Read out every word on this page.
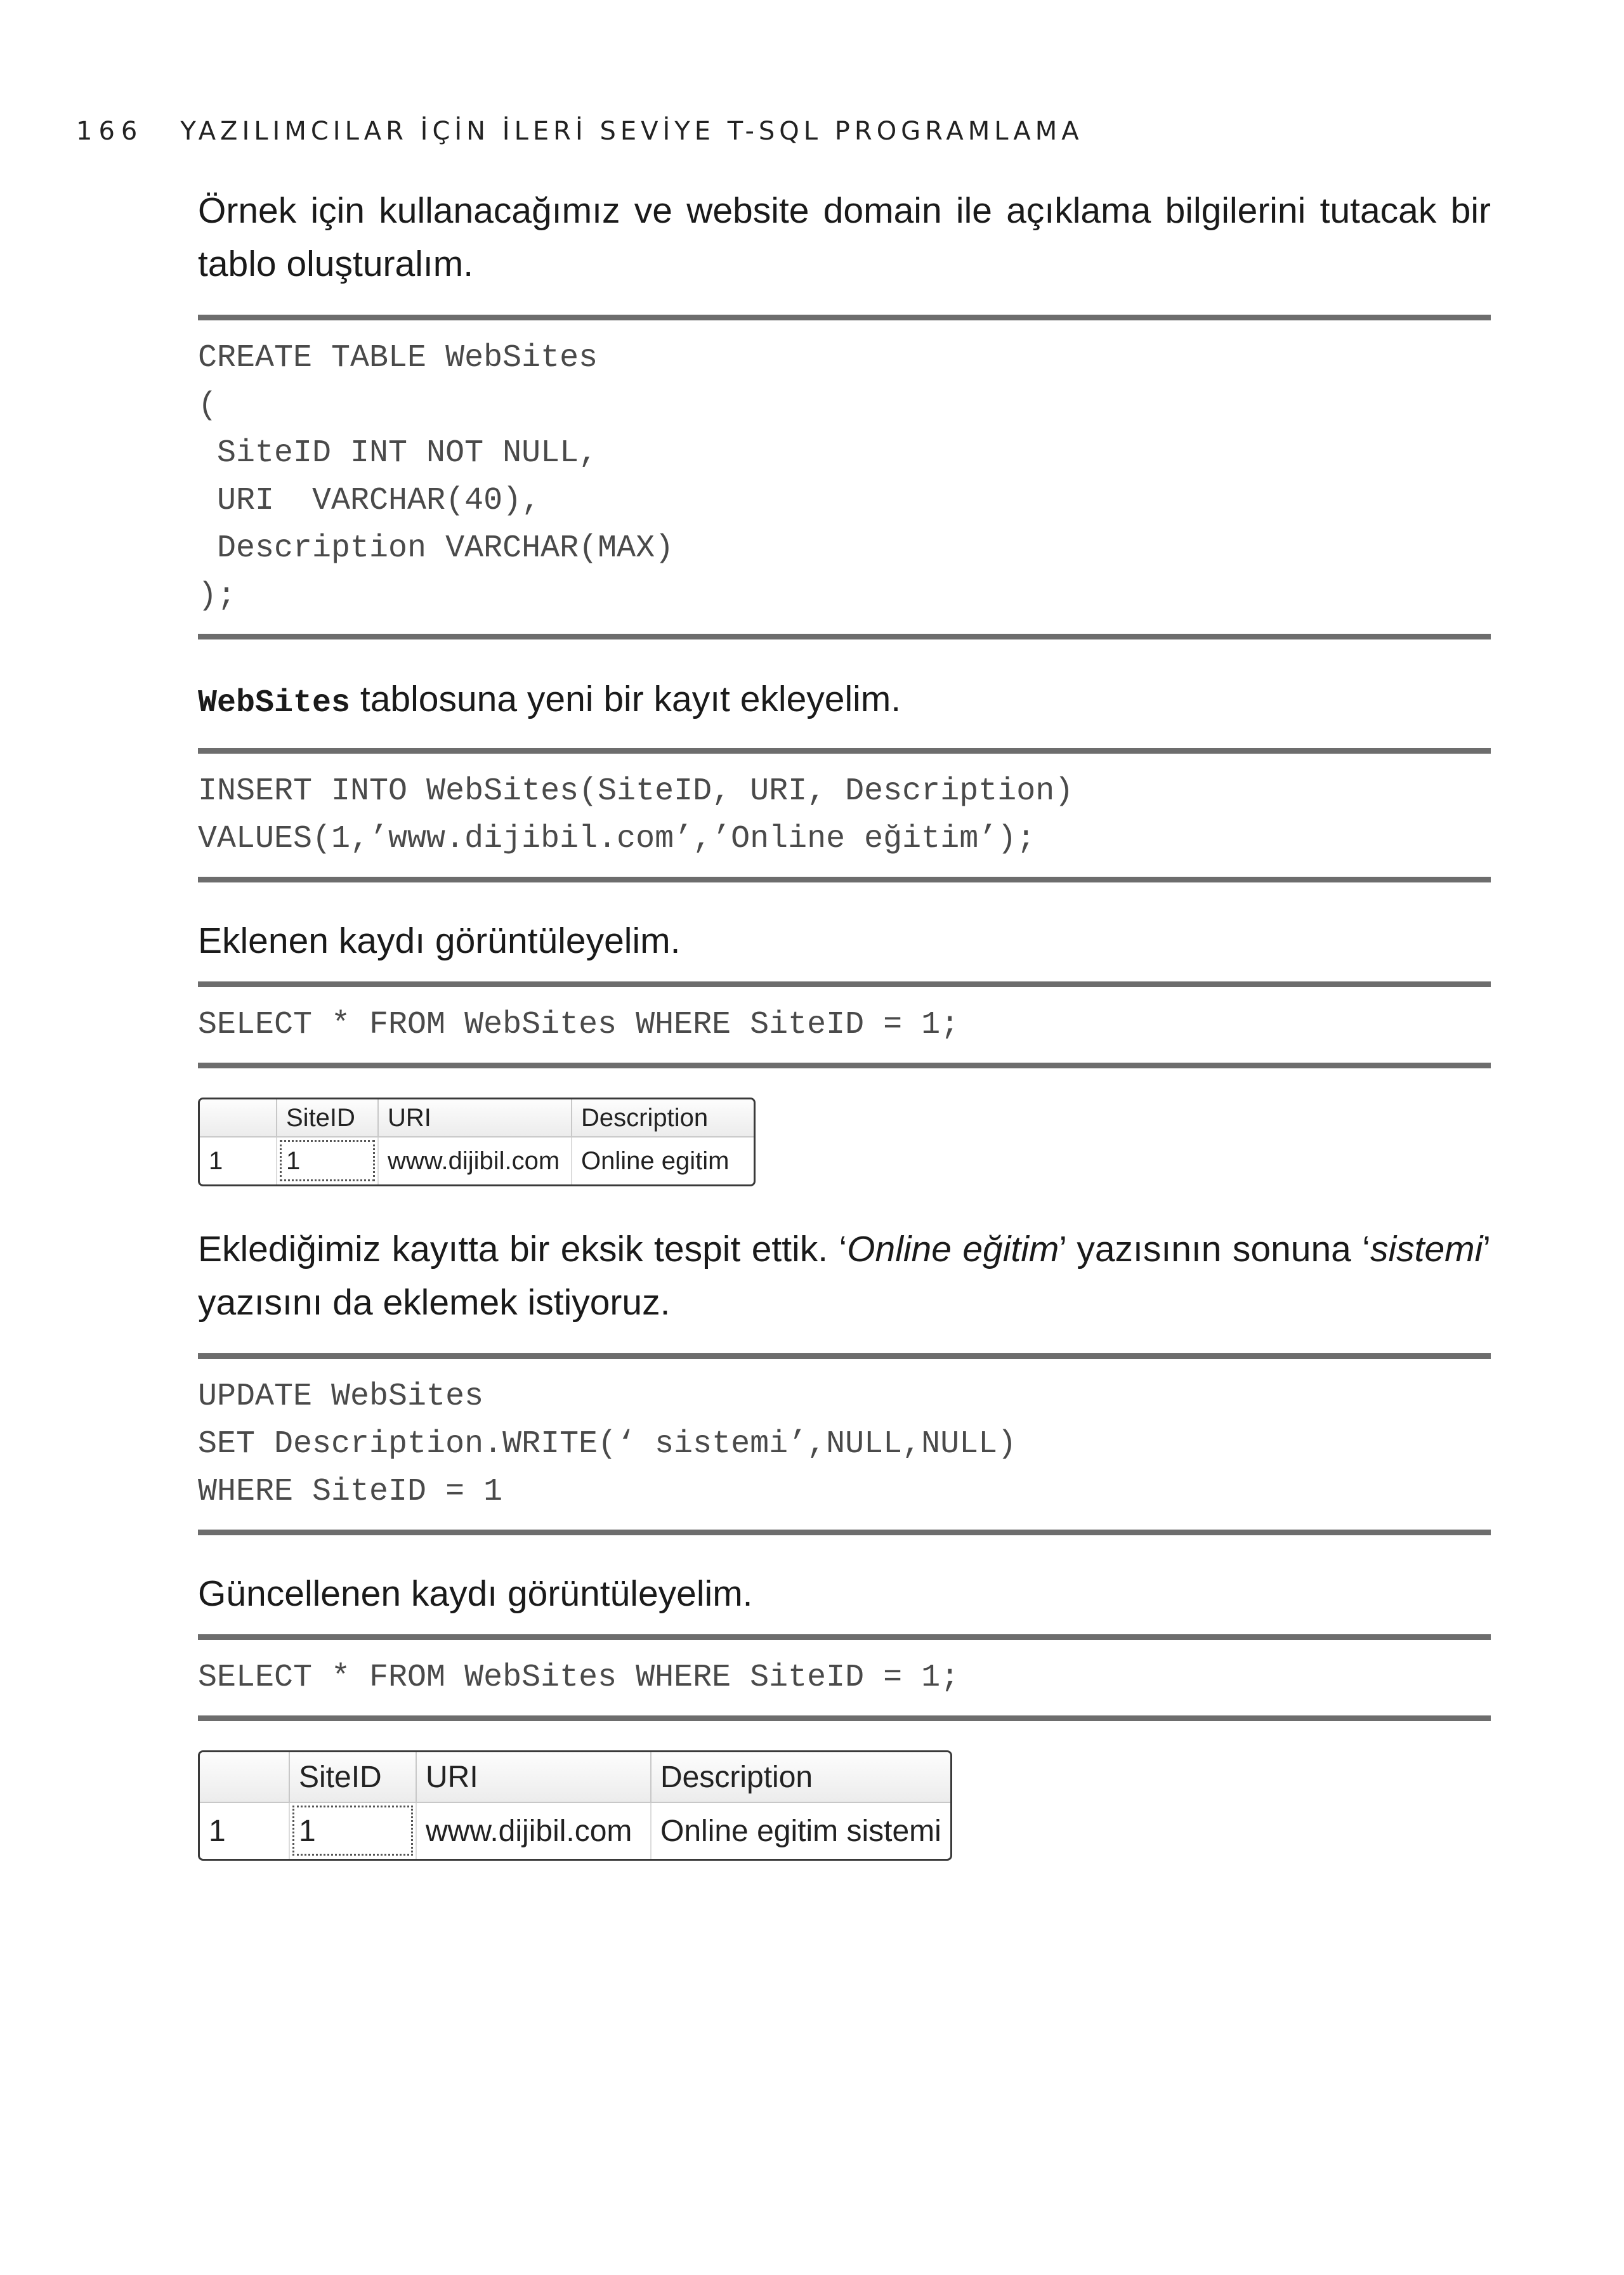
166 YAZILIMCILAR İÇİN İLERİ SEVİYE T-SQL PROGRAMLAMA

Örnek için kullanacağımız ve website domain ile açıklama bilgilerini tutacak bir tablo oluşturalım.

CREATE TABLE WebSites
(
SiteID INT NOT NULL,
URI  VARCHAR(40),
Description VARCHAR(MAX)
);

WebSites tablosuna yeni bir kayıt ekleyelim.

INSERT INTO WebSites(SiteID, URI, Description)
VALUES(1,’www.dijibil.com’,’Online eğitim’);

Eklenen kaydı görüntüleyelim.

SELECT * FROM WebSites WHERE SiteID = 1;
	SiteID	URI	Description
1	1	www.dijibil.com	Online egitim

Eklediğimiz kayıtta bir eksik tespit ettik. ‘Online eğitim’ yazısının sonuna ‘sistemi’ yazısını da eklemek istiyoruz.

UPDATE WebSites
SET Description.WRITE(‘ sistemi’,NULL,NULL)
WHERE SiteID = 1

Güncellenen kaydı görüntüleyelim.

SELECT * FROM WebSites WHERE SiteID = 1;
	SiteID	URI	Description
1	1	www.dijibil.com	Online egitim sistemi
